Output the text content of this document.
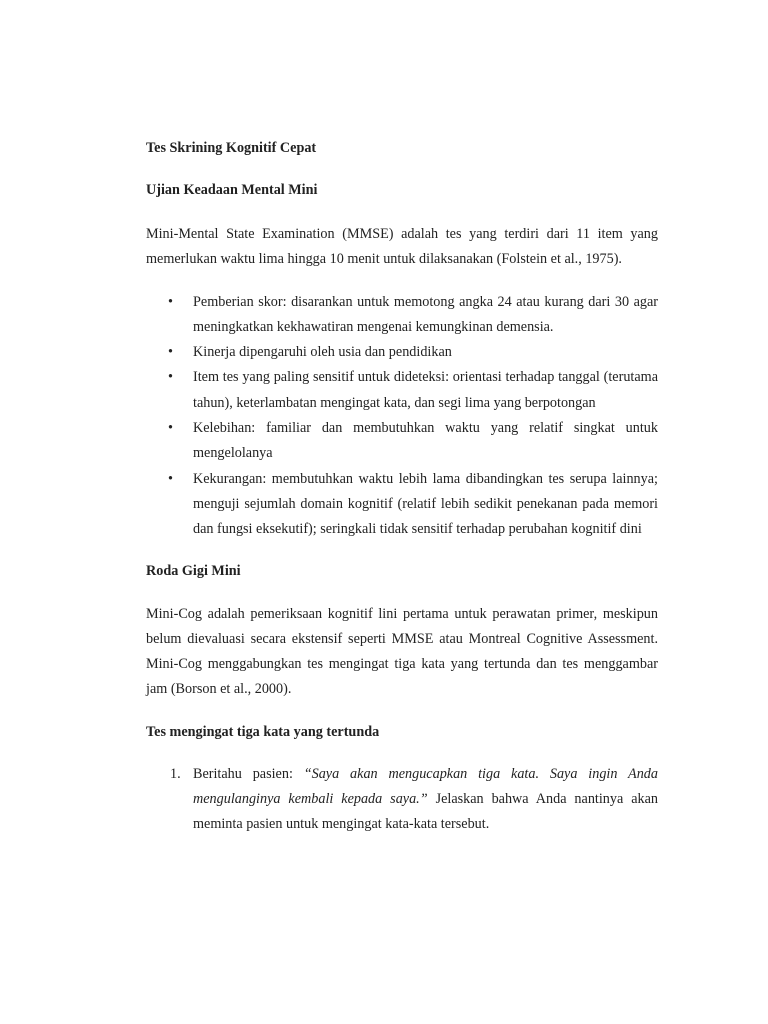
Tes Skrining Kognitif Cepat
Ujian Keadaan Mental Mini

Mini-Mental State Examination (MMSE) adalah tes yang terdiri dari 11 item yang memerlukan waktu lima hingga 10 menit untuk dilaksanakan (Folstein et al., 1975).

• Pemberian skor: disarankan untuk memotong angka 24 atau kurang dari 30 agar meningkatkan kekhawatiran mengenai kemungkinan demensia.
• Kinerja dipengaruhi oleh usia dan pendidikan
• Item tes yang paling sensitif untuk dideteksi: orientasi terhadap tanggal (terutama tahun), keterlambatan mengingat kata, dan segi lima yang berpotongan
• Kelebihan: familiar dan membutuhkan waktu yang relatif singkat untuk mengelolanya
• Kekurangan: membutuhkan waktu lebih lama dibandingkan tes serupa lainnya; menguji sejumlah domain kognitif (relatif lebih sedikit penekanan pada memori dan fungsi eksekutif); seringkali tidak sensitif terhadap perubahan kognitif dini
Roda Gigi Mini

Mini-Cog adalah pemeriksaan kognitif lini pertama untuk perawatan primer, meskipun belum dievaluasi secara ekstensif seperti MMSE atau Montreal Cognitive Assessment. Mini-Cog menggabungkan tes mengingat tiga kata yang tertunda dan tes menggambar jam (Borson et al., 2000).

Tes mengingat tiga kata yang tertunda
1. Beritahu pasien: “Saya akan mengucapkan tiga kata. Saya ingin Anda mengulanginya kembali kepada saya.” Jelaskan bahwa Anda nantinya akan meminta pasien untuk mengingat kata-kata tersebut.
